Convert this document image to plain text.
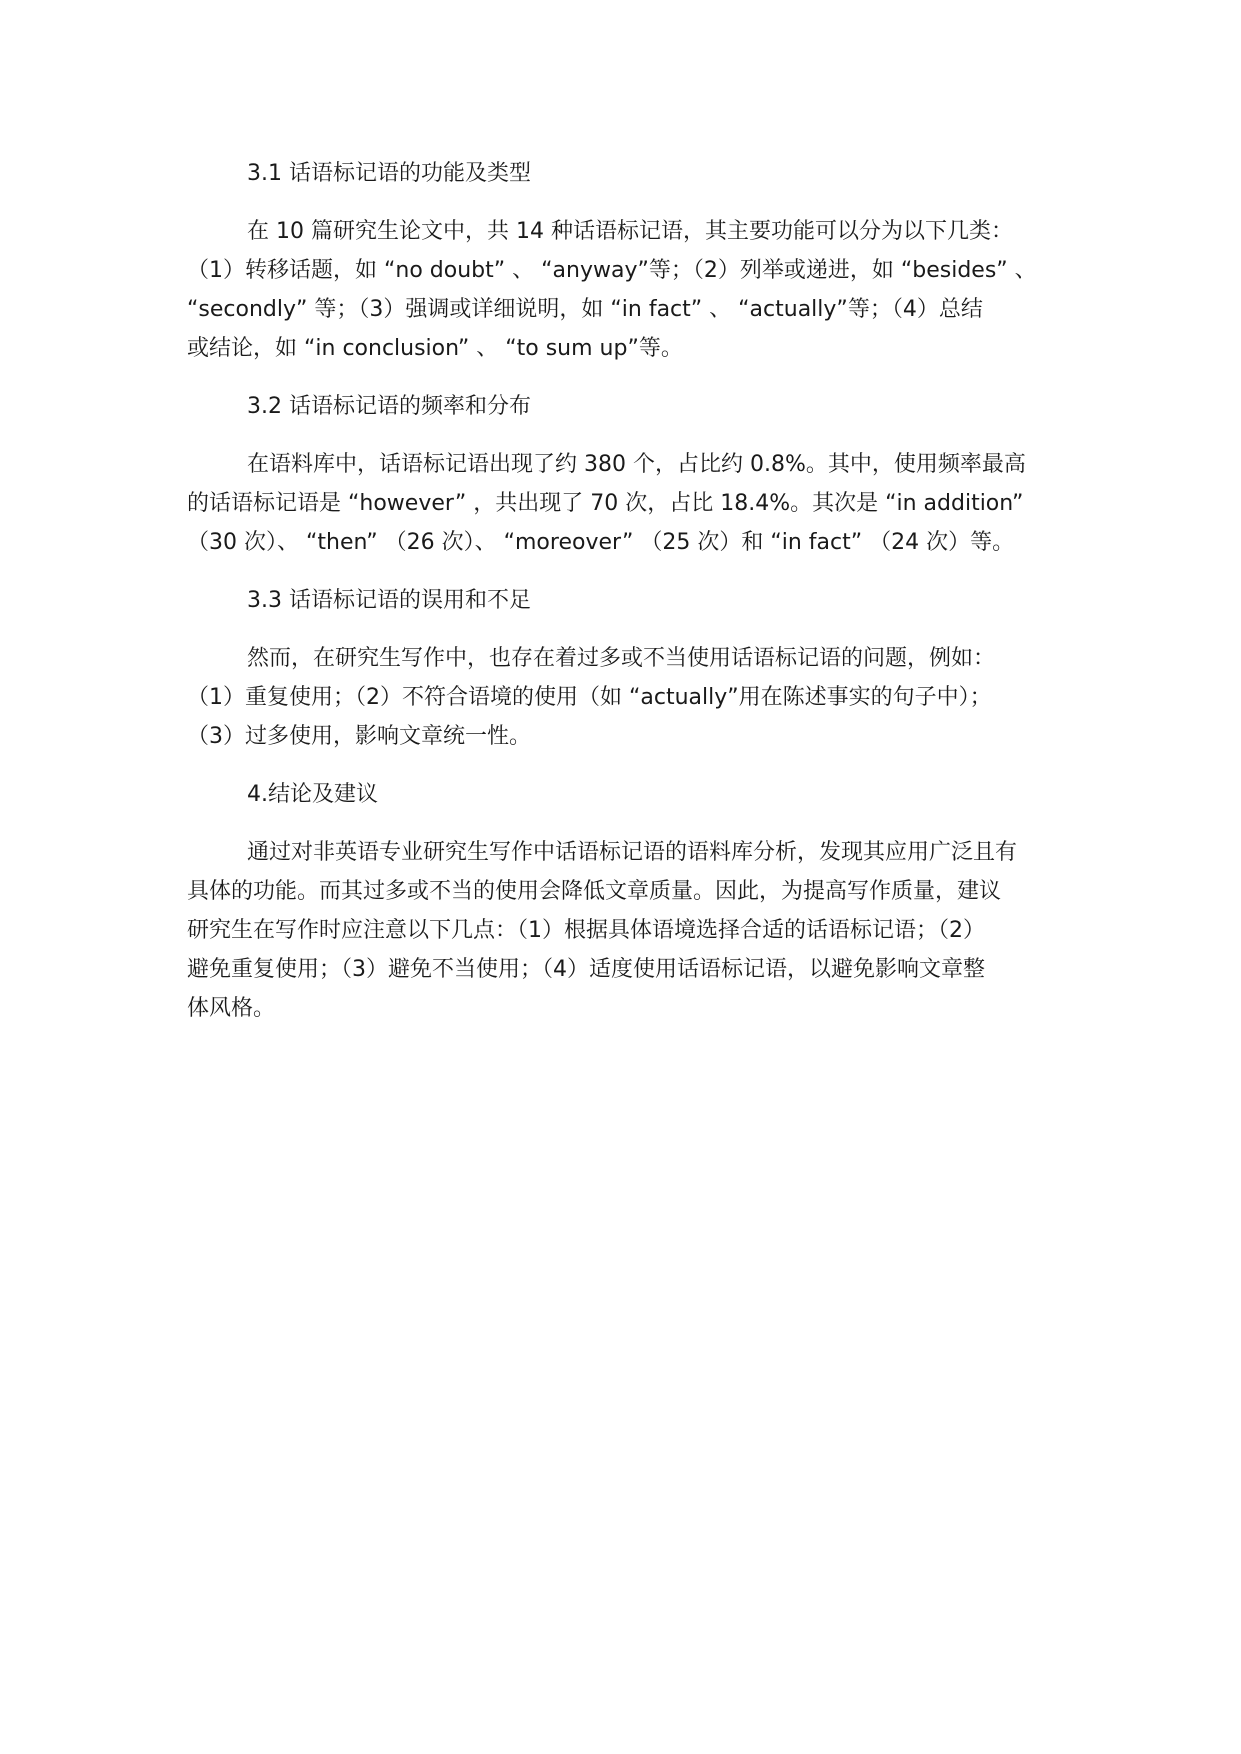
3.1 话语标记语的功能及类型

在 10 篇研究生论文中，共 14 种话语标记语，其主要功能可以分为以下几类：
（1）转移话题，如 “no doubt” 、 “anyway”等；（2）列举或递进，如 “besides” 、
“secondly” 等；（3）强调或详细说明，如 “in fact” 、 “actually”等；（4）总结
或结论，如 “in conclusion” 、 “to sum up”等。

3.2 话语标记语的频率和分布

在语料库中，话语标记语出现了约 380 个，占比约 0.8%。其中，使用频率最高
的话语标记语是 “however” ，共出现了 70 次，占比 18.4%。其次是 “in addition”
（30 次）、 “then” （26 次）、 “moreover” （25 次）和 “in fact” （24 次）等。

3.3 话语标记语的误用和不足

然而，在研究生写作中，也存在着过多或不当使用话语标记语的问题，例如：
（1）重复使用；（2）不符合语境的使用（如 “actually”用在陈述事实的句子中）；
（3）过多使用，影响文章统一性。

4.结论及建议

通过对非英语专业研究生写作中话语标记语的语料库分析，发现其应用广泛且有
具体的功能。而其过多或不当的使用会降低文章质量。因此，为提高写作质量，建议
研究生在写作时应注意以下几点：（1）根据具体语境选择合适的话语标记语；（2）
避免重复使用；（3）避免不当使用；（4）适度使用话语标记语，以避免影响文章整
体风格。
